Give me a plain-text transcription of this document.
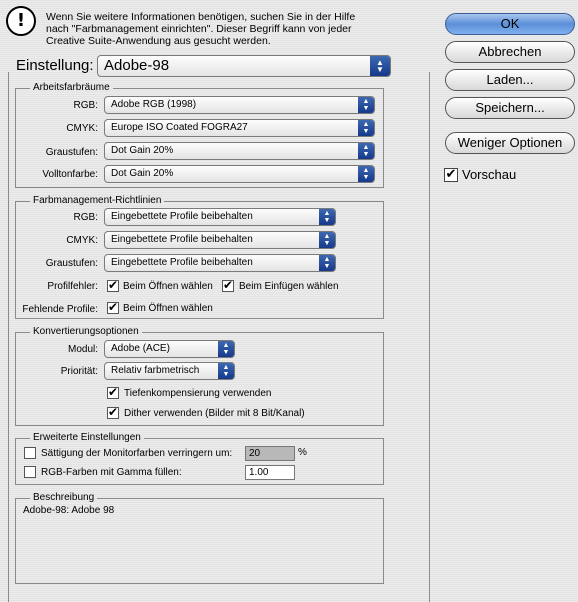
!	Wenn Sie weitere Informationen benötigen, suchen Sie in der Hilfe
nach "Farbmanagement einrichten". Dieser Begriff kann von jeder
Creative Suite-Anwendung aus gesucht werden.
Einstellung: Adobe-98	▲
▼
Arbeitsfarbräume
RGB:	Adobe RGB (1998)	▲
▼
CMYK:	Europe ISO Coated FOGRA27	▲
▼
Graustufen:	Dot Gain 20%	▲
▼
Volltonfarbe:	Dot Gain 20%	▲
▼
Farbmanagement-Richtlinien
RGB:	Eingebettete Profile beibehalten	▲
▼
CMYK:	Eingebettete Profile beibehalten	▲
▼
Graustufen:	Eingebettete Profile beibehalten	▲
▼
Profilfehler: ✔	Beim Öffnen wählen ✔	Beim Einfügen wählen
Fehlende Profile: ✔	Beim Öffnen wählen
Konvertierungsoptionen
Modul:	Adobe (ACE)	▲
▼
Priorität:	Relativ farbmetrisch	▲
▼
✔
Tiefenkompensierung verwenden
✔
Dither verwenden (Bilder mit 8 Bit/Kanal)
Erweiterte Einstellungen
Sättigung der Monitorfarben verringern um:	20	%
RGB-Farben mit Gamma füllen:	1.00
Beschreibung
Adobe-98: Adobe 98
OK
Abbrechen
Laden...
Speichern...
Weniger Optionen
✔
Vorschau
